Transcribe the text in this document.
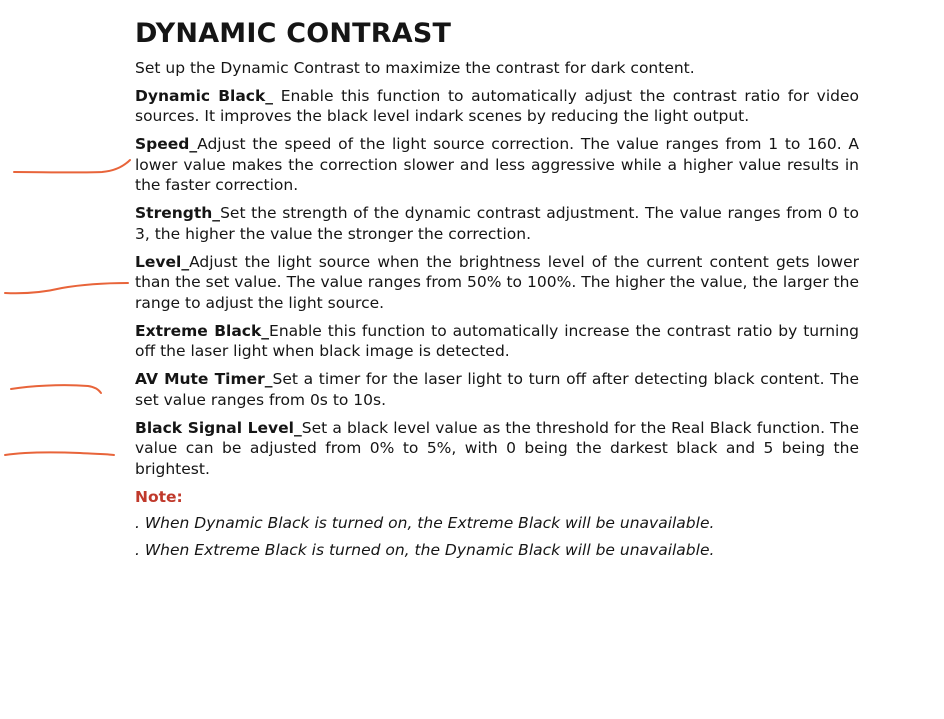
DYNAMIC CONTRAST

Set up the Dynamic Contrast to maximize the contrast for dark content.

Dynamic Black_ Enable this function to automatically adjust the contrast ratio for video sources. It improves the black level indark scenes by reducing the light output.

Speed_Adjust the speed of the light source correction. The value ranges from 1 to 160. A lower value makes the correction slower and less aggressive while a higher value results in the faster correction.

Strength_Set the strength of the dynamic contrast adjustment. The value ranges from 0 to 3, the higher the value the stronger the correction.

Level_Adjust the light source when the brightness level of the current content gets lower than the set value. The value ranges from 50% to 100%. The higher the value, the larger the range to adjust the light source.

Extreme Black_Enable this function to automatically increase the contrast ratio by turning off the laser light when black image is detected.

AV Mute Timer_Set a timer for the laser light to turn off after detecting black content. The set value ranges from 0s to 10s.

Black Signal Level_Set a black level value as the threshold for the Real Black function. The value can be adjusted from 0% to 5%, with 0 being the darkest black and 5 being the brightest.

Note:
. When Dynamic Black is turned on, the Extreme Black will be unavailable.
. When Extreme Black is turned on, the Dynamic Black will be unavailable.
